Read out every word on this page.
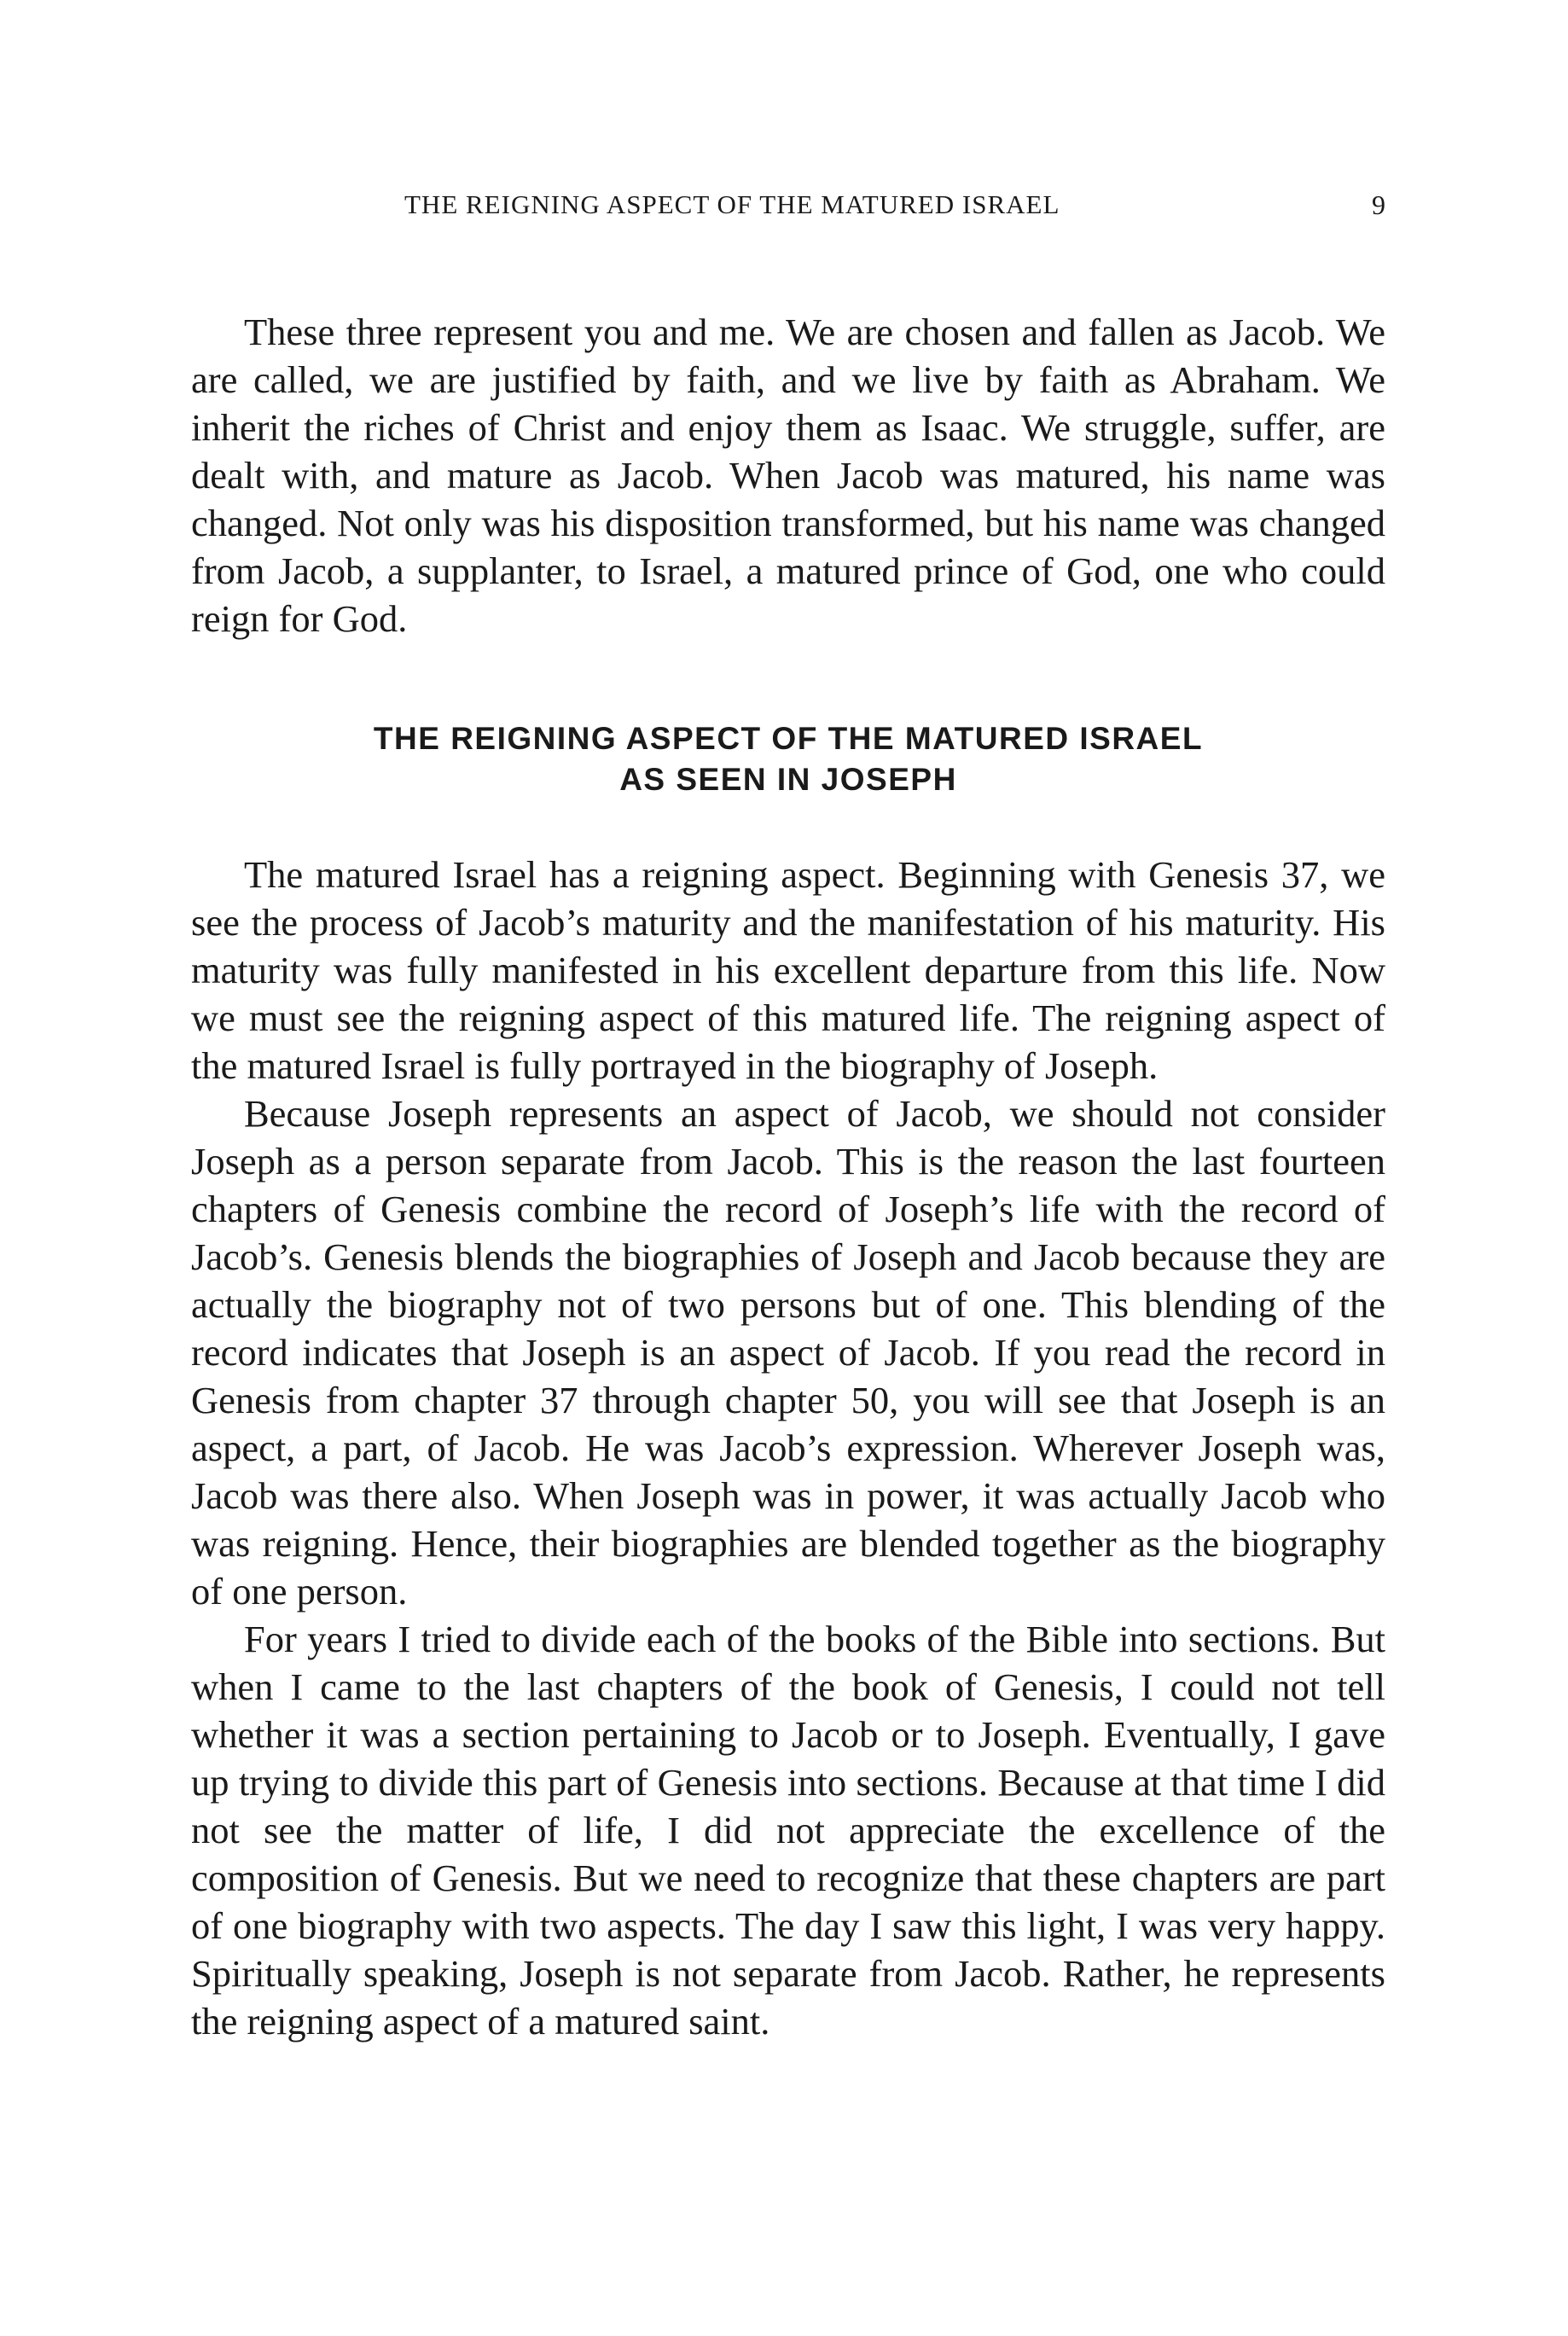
THE REIGNING ASPECT OF THE MATURED ISRAEL	9

These three represent you and me. We are chosen and fallen as Jacob. We are called, we are justified by faith, and we live by faith as Abraham. We inherit the riches of Christ and enjoy them as Isaac. We struggle, suffer, are dealt with, and mature as Jacob. When Jacob was matured, his name was changed. Not only was his disposition transformed, but his name was changed from Jacob, a supplanter, to Israel, a matured prince of God, one who could reign for God.

THE REIGNING ASPECT OF THE MATURED ISRAEL
AS SEEN IN JOSEPH

The matured Israel has a reigning aspect. Beginning with Genesis 37, we see the process of Jacob’s maturity and the manifestation of his maturity. His maturity was fully manifested in his excellent departure from this life. Now we must see the reigning aspect of this matured life. The reigning aspect of the matured Israel is fully portrayed in the biography of Joseph.

Because Joseph represents an aspect of Jacob, we should not consider Joseph as a person separate from Jacob. This is the reason the last fourteen chapters of Genesis combine the record of Joseph’s life with the record of Jacob’s. Genesis blends the biographies of Joseph and Jacob because they are actually the biography not of two persons but of one. This blending of the record indicates that Joseph is an aspect of Jacob. If you read the record in Genesis from chapter 37 through chapter 50, you will see that Joseph is an aspect, a part, of Jacob. He was Jacob’s expression. Wherever Joseph was, Jacob was there also. When Joseph was in power, it was actually Jacob who was reigning. Hence, their biographies are blended together as the biography of one person.

For years I tried to divide each of the books of the Bible into sections. But when I came to the last chapters of the book of Genesis, I could not tell whether it was a section pertaining to Jacob or to Joseph. Eventually, I gave up trying to divide this part of Genesis into sections. Because at that time I did not see the matter of life, I did not appreciate the excellence of the composition of Genesis. But we need to recognize that these chapters are part of one biography with two aspects. The day I saw this light, I was very happy. Spiritually speaking, Joseph is not separate from Jacob. Rather, he represents the reigning aspect of a matured saint.
